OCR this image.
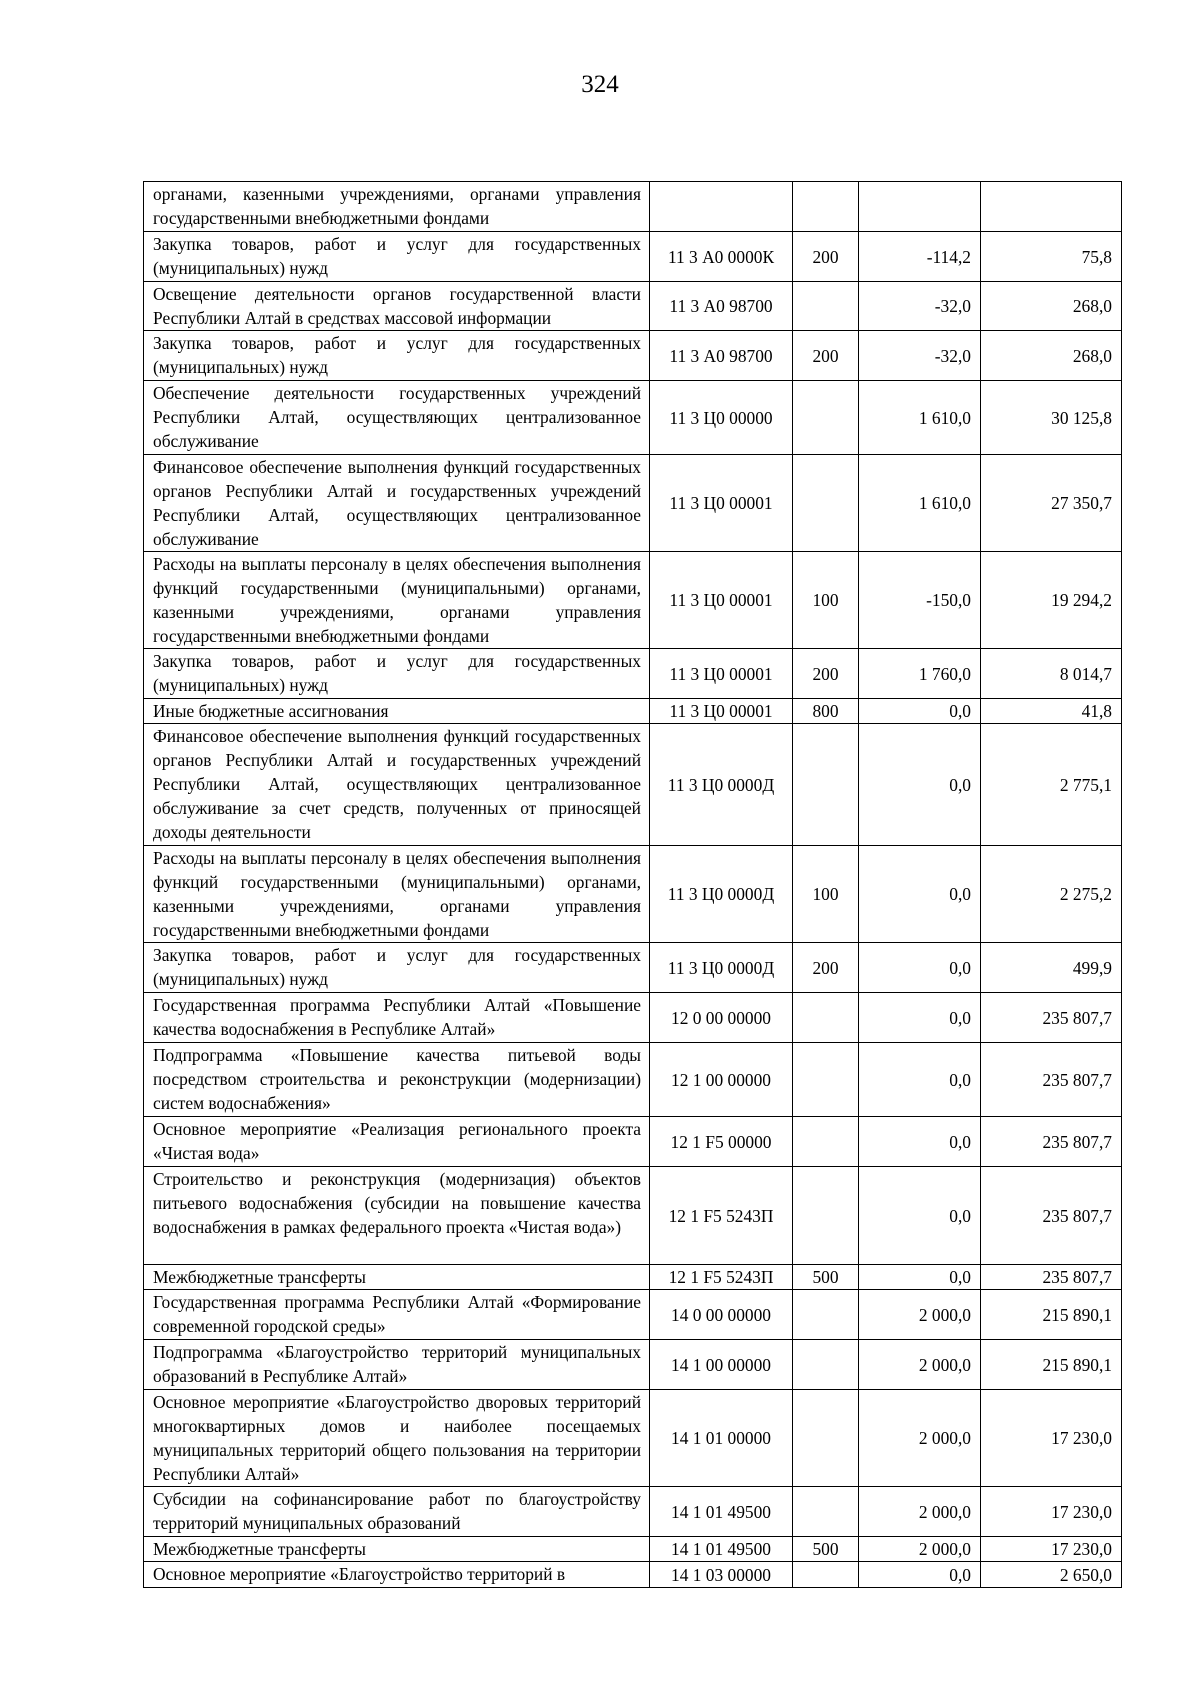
324
органами, казенными учреждениями, органами управления государственными внебюджетными фондами				
Закупка товаров, работ и услуг для государственных (муниципальных) нужд	11 3 А0 0000К	200	-114,2	75,8
Освещение деятельности органов государственной власти Республики Алтай в средствах массовой информации	11 3 А0 98700		-32,0	268,0
Закупка товаров, работ и услуг для государственных (муниципальных) нужд	11 3 А0 98700	200	-32,0	268,0
Обеспечение деятельности государственных учреждений Республики Алтай, осуществляющих централизованное обслуживание	11 3 Ц0 00000		1 610,0	30 125,8
Финансовое обеспечение выполнения функций государственных органов Республики Алтай и государственных учреждений Республики Алтай, осуществляющих централизованное обслуживание	11 3 Ц0 00001		1 610,0	27 350,7
Расходы на выплаты персоналу в целях обеспечения выполнения функций государственными (муниципальными) органами, казенными учреждениями, органами управления государственными внебюджетными фондами	11 3 Ц0 00001	100	-150,0	19 294,2
Закупка товаров, работ и услуг для государственных (муниципальных) нужд	11 3 Ц0 00001	200	1 760,0	8 014,7
Иные бюджетные ассигнования	11 3 Ц0 00001	800	0,0	41,8
Финансовое обеспечение выполнения функций государственных органов Республики Алтай и государственных учреждений Республики Алтай, осуществляющих централизованное обслуживание за счет средств, полученных от приносящей доходы деятельности	11 3 Ц0 0000Д		0,0	2 775,1
Расходы на выплаты персоналу в целях обеспечения выполнения функций государственными (муниципальными) органами, казенными учреждениями, органами управления государственными внебюджетными фондами	11 3 Ц0 0000Д	100	0,0	2 275,2
Закупка товаров, работ и услуг для государственных (муниципальных) нужд	11 3 Ц0 0000Д	200	0,0	499,9
Государственная программа Республики Алтай «Повышение качества водоснабжения в Республике Алтай»	12 0 00 00000		0,0	235 807,7
Подпрограмма «Повышение качества питьевой воды посредством строительства и реконструкции (модернизации) систем водоснабжения»	12 1 00 00000		0,0	235 807,7
Основное мероприятие «Реализация регионального проекта «Чистая вода»	12 1 F5 00000		0,0	235 807,7
Строительство и реконструкция (модернизация) объектов питьевого водоснабжения (субсидии на повышение качества водоснабжения в рамках федерального проекта «Чистая вода»)	12 1 F5 5243П		0,0	235 807,7
Межбюджетные трансферты	12 1 F5 5243П	500	0,0	235 807,7
Государственная программа Республики Алтай «Формирование современной городской среды»	14 0 00 00000		2 000,0	215 890,1
Подпрограмма «Благоустройство территорий муниципальных образований в Республике Алтай»	14 1 00 00000		2 000,0	215 890,1
Основное мероприятие «Благоустройство дворовых территорий многоквартирных домов и наиболее посещаемых муниципальных территорий общего пользования на территории Республики Алтай»	14 1 01 00000		2 000,0	17 230,0
Субсидии на софинансирование работ по благоустройству территорий муниципальных образований	14 1 01 49500		2 000,0	17 230,0
Межбюджетные трансферты	14 1 01 49500	500	2 000,0	17 230,0
Основное мероприятие «Благоустройство территорий в	14 1 03 00000		0,0	2 650,0
